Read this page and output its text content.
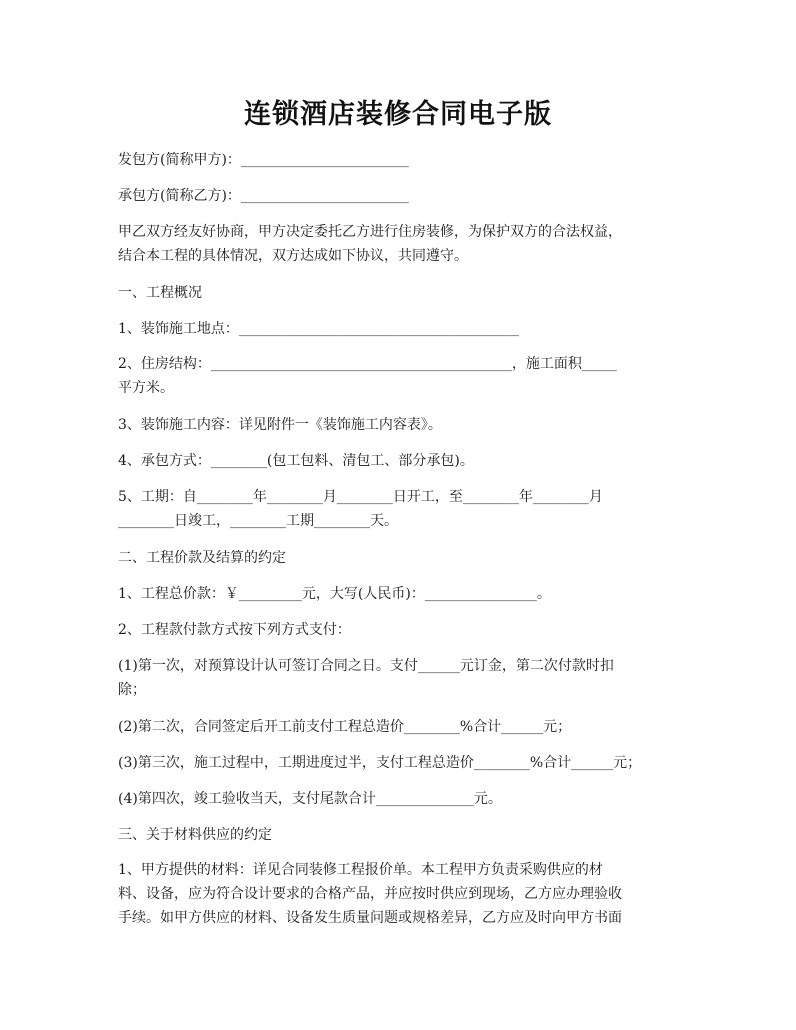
连锁酒店装修合同电子版

发包方(简称甲方)：________________________

承包方(简称乙方)：________________________

甲乙双方经友好协商，甲方决定委托乙方进行住房装修，为保护双方的合法权益，
结合本工程的具体情况，双方达成如下协议，共同遵守。

一、工程概况

1、装饰施工地点：________________________________________

2、住房结构：___________________________________________，施工面积_____
平方米。

3、装饰施工内容：详见附件一《装饰施工内容表》。

4、承包方式：________(包工包料、清包工、部分承包)。

5、工期：自________年________月________日开工，至________年________月
________日竣工，________工期________天。

二、工程价款及结算的约定

1、工程总价款：￥_________元，大写(人民币)：________________。

2、工程款付款方式按下列方式支付：

(1)第一次，对预算设计认可签订合同之日。支付______元订金，第二次付款时扣
除；

(2)第二次，合同签定后开工前支付工程总造价________%合计______元；

(3)第三次，施工过程中，工期进度过半，支付工程总造价________%合计______元；

(4)第四次，竣工验收当天，支付尾款合计______________元。

三、关于材料供应的约定

1、甲方提供的材料：详见合同装修工程报价单。本工程甲方负责采购供应的材
料、设备，应为符合设计要求的合格产品，并应按时供应到现场，乙方应办理验收
手续。如甲方供应的材料、设备发生质量问题或规格差异，乙方应及时向甲方书面
